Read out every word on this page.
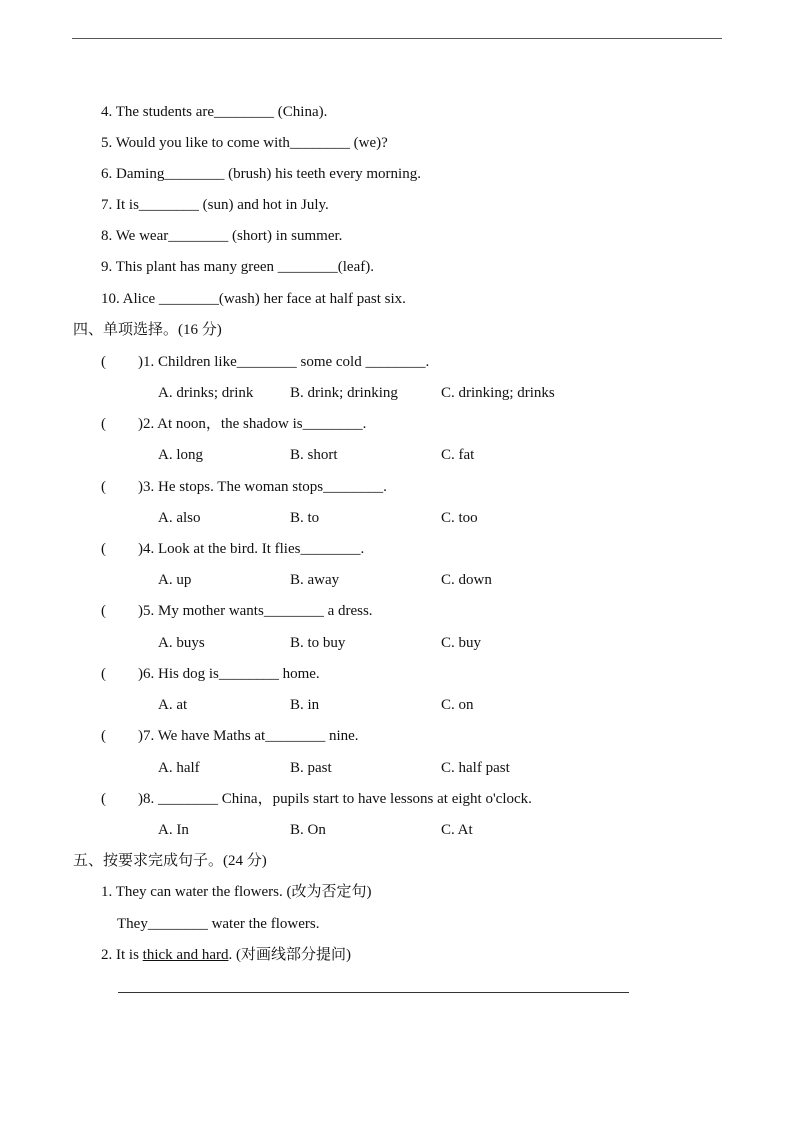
4. The students are________ (China).
5. Would you like to come with________ (we)?
6. Daming________ (brush) his teeth every morning.
7. It is________ (sun) and hot in July.
8. We wear________ (short) in summer.
9. This plant has many green ________(leaf).
10. Alice ________(wash) her face at half past six.
四、单项选择。(16 分)
( )1. Children like________ some cold ________.
A. drinks; drink B. drink; drinking	C. drinking; drinks
( )2. At noon，the shadow is________.
A. long	B. short	C. fat
( )3. He stops. The woman stops________.
A. also	B. to	C. too
( )4. Look at the bird. It flies________.
A. up	B. away	C. down
( )5. My mother wants________ a dress.
A. buys	B. to buy	C. buy
( )6. His dog is________ home.
A. at	B. in	C. on
( )7. We have Maths at________ nine.
A. half	B. past	C. half past
( )8. ________ China，pupils start to have lessons at eight o'clock.
A. In	B. On	C. At
五、按要求完成句子。(24 分)
1. They can water the flowers. (改为否定句)
They________ water the flowers.
2. It is thick and hard. (对画线部分提问)
